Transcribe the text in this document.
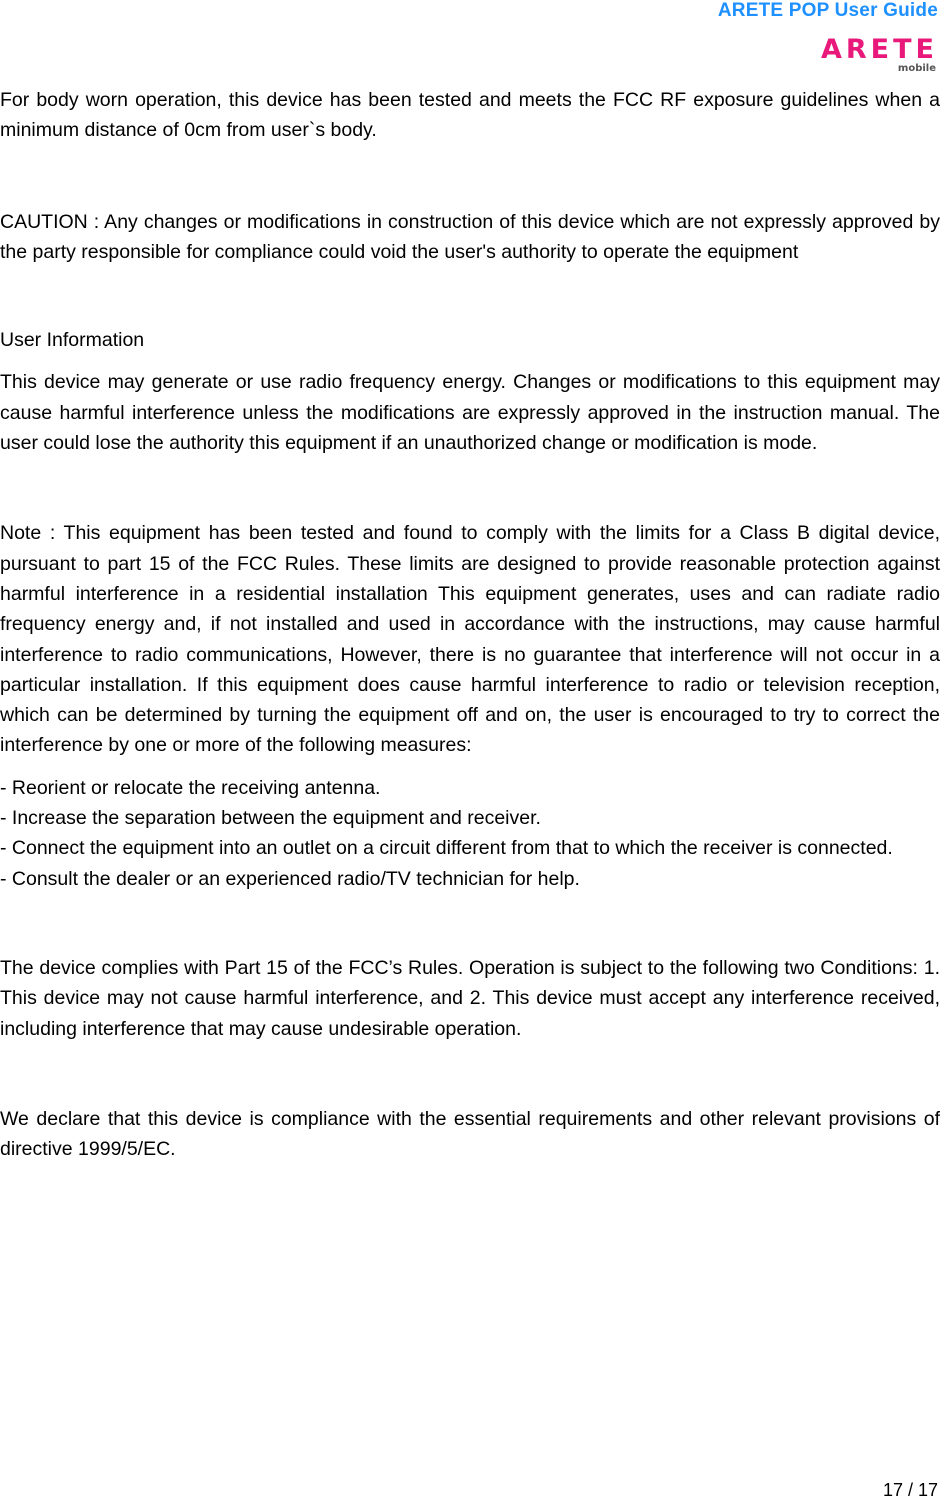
ARETE POP User Guide
ARETE
mobile

For body worn operation, this device has been tested and meets the FCC RF exposure guidelines when a minimum distance of 0cm from user`s body.

CAUTION : Any changes or modifications in construction of this device which are not expressly approved by the party responsible for compliance could void the user's authority to operate the equipment

User Information

This device may generate or use radio frequency energy. Changes or modifications to this equipment may cause harmful interference unless the modifications are expressly approved in the instruction manual. The user could lose the authority this equipment if an unauthorized change or modification is mode.

Note : This equipment has been tested and found to comply with the limits for a Class B digital device, pursuant to part 15 of the FCC Rules. These limits are designed to provide reasonable protection against harmful interference in a residential installation This equipment generates, uses and can radiate radio frequency energy and, if not installed and used in accordance with the instructions, may cause harmful interference to radio communications, However, there is no guarantee that interference will not occur in a particular installation. If this equipment does cause harmful interference to radio or television reception, which can be determined by turning the equipment off and on, the user is encouraged to try to correct the interference by one or more of the following measures:

- Reorient or relocate the receiving antenna.
- Increase the separation between the equipment and receiver.
- Connect the equipment into an outlet on a circuit different from that to which the receiver is connected.
- Consult the dealer or an experienced radio/TV technician for help.

The device complies with Part 15 of the FCC’s Rules. Operation is subject to the following two Conditions: 1. This device may not cause harmful interference, and 2. This device must accept any interference received, including interference that may cause undesirable operation.

We declare that this device is compliance with the essential requirements and other relevant provisions of directive 1999/5/EC.

17 / 17
